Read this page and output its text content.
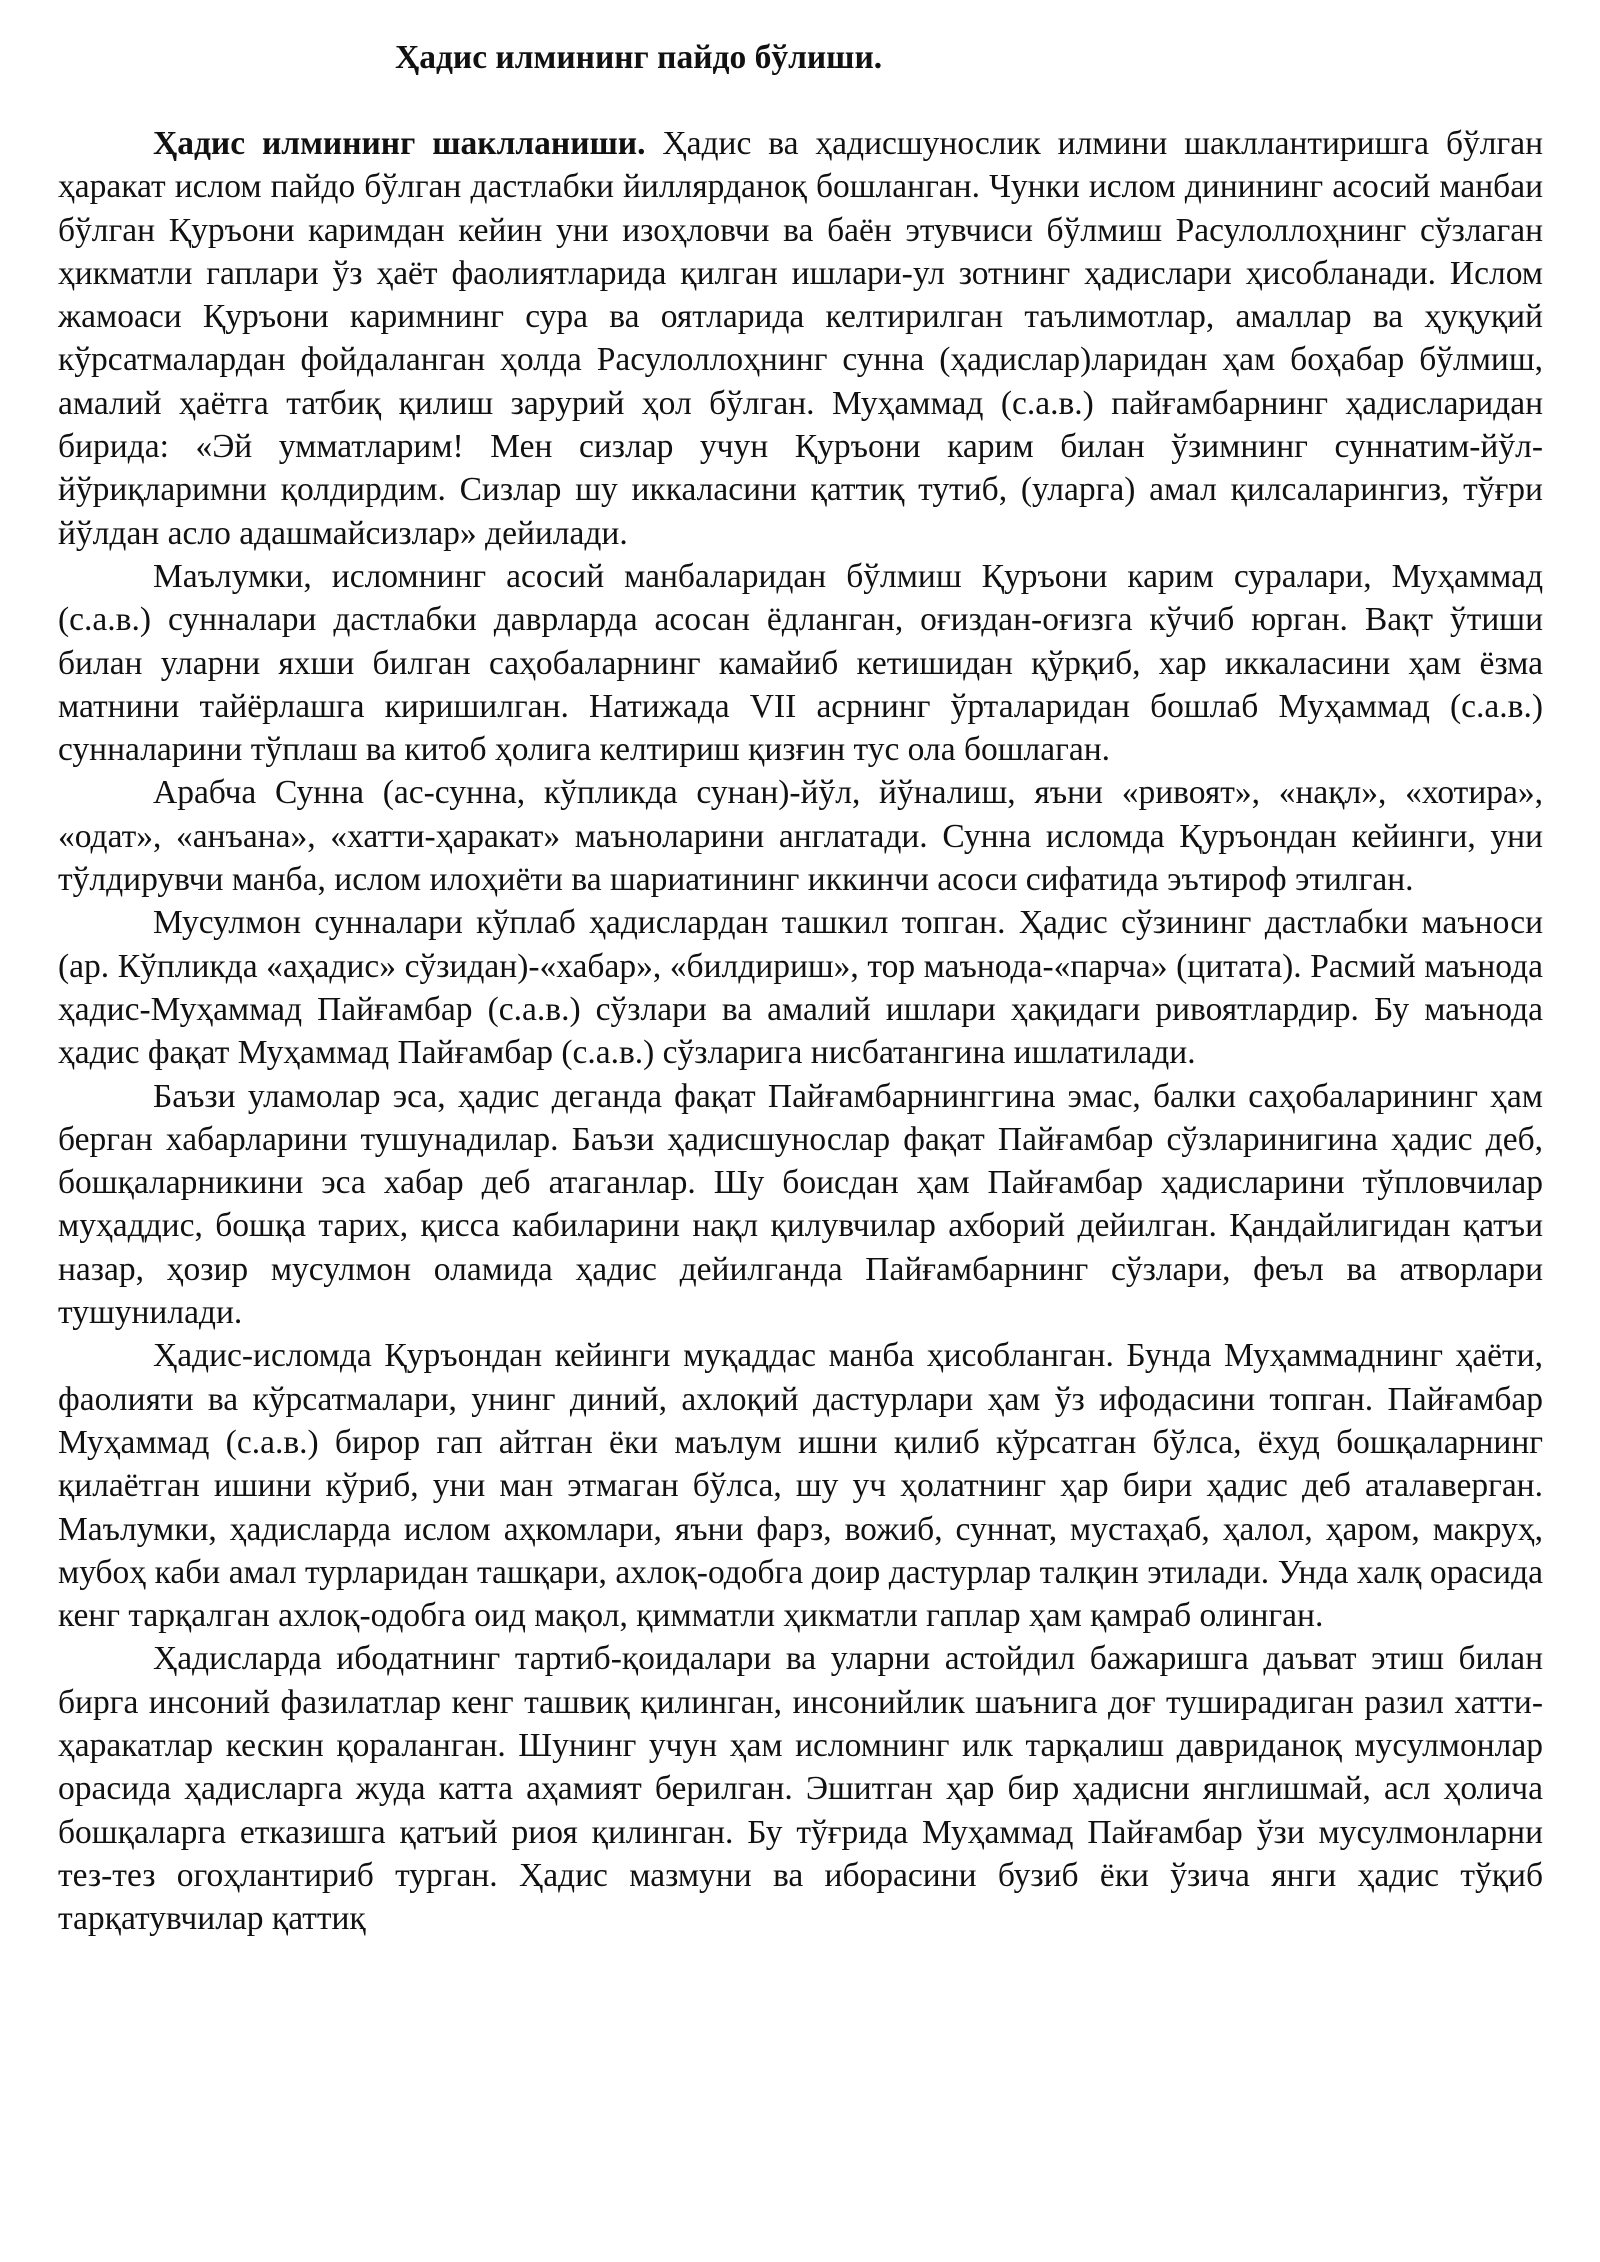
Ҳадис илмининг пайдо бўлиши.

Ҳадис илмининг шаклланиши. Ҳадис ва ҳадисшунослик илмини шакллантиришга бўлган ҳаракат ислом пайдо бўлган дастлабки йиллярданоқ бошланган. Чунки ислом динининг асосий манбаи бўлган Қуръони каримдан кейин уни изоҳловчи ва баён этувчиси бўлмиш Расулоллоҳнинг сўзлаган ҳикматли гаплари ўз ҳаёт фаолиятларида қилган ишлари-ул зотнинг ҳадислари ҳисобланади. Ислом жамоаси Қуръони каримнинг сура ва оятларида келтирилган таълимотлар, амаллар ва ҳуқуқий кўрсатмалардан фойдаланган ҳолда Расулоллоҳнинг сунна (ҳадислар)ларидан ҳам боҳабар бўлмиш, амалий ҳаётга татбиқ қилиш зарурий ҳол бўлган. Муҳаммад (с.а.в.) пайғамбарнинг ҳадисларидан бирида: «Эй умматларим! Мен сизлар учун Қуръони карим билан ўзимнинг суннатим-йўл-йўриқларимни қолдирдим. Сизлар шу иккаласини қаттиқ тутиб, (уларга) амал қилсаларингиз, тўғри йўлдан асло адашмайсизлар» дейилади.

Маълумки, исломнинг асосий манбаларидан бўлмиш Қуръони карим суралари, Муҳаммад (с.а.в.) сунналари дастлабки даврларда асосан ёдланган, оғиздан-оғизга кўчиб юрган. Вақт ўтиши билан уларни яхши билган саҳобаларнинг камайиб кетишидан қўрқиб, хар иккаласини ҳам ёзма матнини тайёрлашга киришилган. Натижада VII асрнинг ўрталаридан бошлаб Муҳаммад (с.а.в.) сунналарини тўплаш ва китоб ҳолига келтириш қизғин тус ола бошлаган.

Арабча Сунна (ас-сунна, кўпликда сунан)-йўл, йўналиш, яъни «ривоят», «нақл», «хотира», «одат», «анъана», «хатти-ҳаракат» маъноларини англатади. Сунна исломда Қуръондан кейинги, уни тўлдирувчи манба, ислом илоҳиёти ва шариатининг иккинчи асоси сифатида эътироф этилган.

Мусулмон сунналари кўплаб ҳадислардан ташкил топган. Ҳадис сўзининг дастлабки маъноси (ар. Кўпликда «аҳадис» сўзидан)-«хабар», «билдириш», тор маънода-«парча» (цитата). Расмий маънода ҳадис-Муҳаммад Пайғамбар (с.а.в.) сўзлари ва амалий ишлари ҳақидаги ривоятлардир. Бу маънода ҳадис фақат Муҳаммад Пайғамбар (с.а.в.) сўзларига нисбатангина ишлатилади.

Баъзи уламолар эса, ҳадис деганда фақат Пайғамбарнинггина эмас, балки саҳобаларининг ҳам берган хабарларини тушунадилар. Баъзи ҳадисшунослар фақат Пайғамбар сўзларинигина ҳадис деб, бошқаларникини эса хабар деб атаганлар. Шу боисдан ҳам Пайғамбар ҳадисларини тўпловчилар муҳаддис, бошқа тарих, қисса кабиларини нақл қилувчилар ахборий дейилган. Қандайлигидан қатъи назар, ҳозир мусулмон оламида ҳадис дейилганда Пайғамбарнинг сўзлари, феъл ва атворлари тушунилади.

Ҳадис-исломда Қуръондан кейинги муқаддас манба ҳисобланган. Бунда Муҳаммаднинг ҳаёти, фаолияти ва кўрсатмалари, унинг диний, ахлоқий дастурлари ҳам ўз ифодасини топган. Пайғамбар Муҳаммад (с.а.в.) бирор гап айтган ёки маълум ишни қилиб кўрсатган бўлса, ёхуд бошқаларнинг қилаётган ишини кўриб, уни ман этмаган бўлса, шу уч ҳолатнинг ҳар бири ҳадис деб аталаверган. Маълумки, ҳадисларда ислом аҳкомлари, яъни фарз, вожиб, суннат, мустаҳаб, ҳалол, ҳаром, макруҳ, мубоҳ каби амал турларидан ташқари, ахлоқ-одобга доир дастурлар талқин этилади. Унда халқ орасида кенг тарқалган ахлоқ-одобга оид мақол, қимматли ҳикматли гаплар ҳам қамраб олинган.

Ҳадисларда ибодатнинг тартиб-қоидалари ва уларни астойдил бажаришга даъват этиш билан бирга инсоний фазилатлар кенг ташвиқ қилинган, инсонийлик шаънига доғ туширадиган разил хатти-ҳаракатлар кескин қораланган. Шунинг учун ҳам исломнинг илк тарқалиш давриданоқ мусулмонлар орасида ҳадисларга жуда катта аҳамият берилган. Эшитган ҳар бир ҳадисни янглишмай, асл ҳолича бошқаларга етказишга қатъий риоя қилинган. Бу тўғрида Муҳаммад Пайғамбар ўзи мусулмонларни тез-тез огоҳлантириб турган. Ҳадис мазмуни ва иборасини бузиб ёки ўзича янги ҳадис тўқиб тарқатувчилар қаттиқ
